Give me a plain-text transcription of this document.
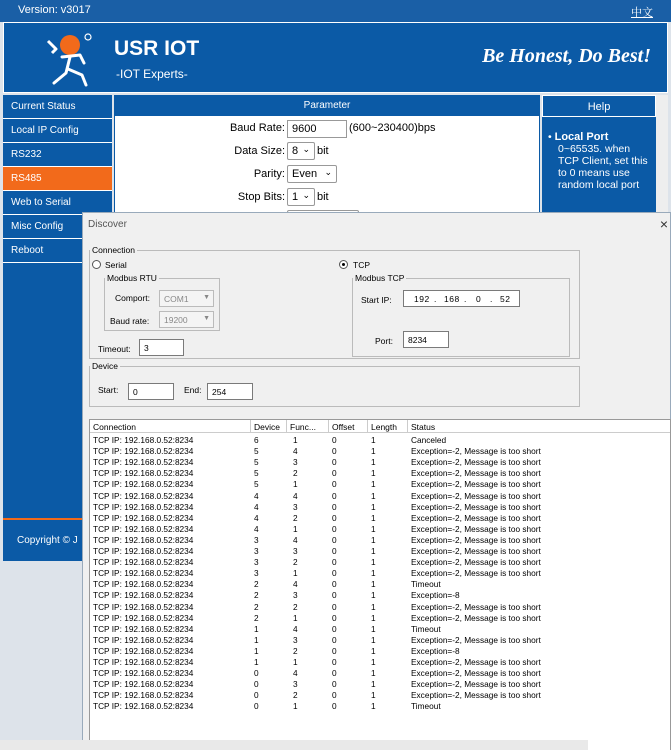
Version: v3017	中文
USR IOT
-IOT Experts-
Be Honest, Do Best!
Current Status
Local IP Config
RS232
RS485
Web to Serial
Misc Config
Reboot
Copyright © J
Parameter
Baud Rate: 9600	(600~230400)bps
Data Size: 8 ⌄ bit
Parity: Even ⌄
Stop Bits: 1 ⌄ bit
Help
• Local Port
0~65535. when TCP Client, set this to 0 means use random local port
Discover	×
Connection
Serial	TCP
Modbus RTU
Comport:	COM1 ▼
Baud rate:	19200 ▼
Timeout:	3
Modbus TCP
Start IP:	192 . 168 . 0 . 52
Port:	8234
Device
Start:	0	End:	254
Connection	Device	Func...	Offset	Length	Status
TCP IP: 192.168.0.52:8234	6	1	0	1	Canceled
TCP IP: 192.168.0.52:8234	5	4	0	1	Exception=-2, Message is too short
TCP IP: 192.168.0.52:8234	5	3	0	1	Exception=-2, Message is too short
TCP IP: 192.168.0.52:8234	5	2	0	1	Exception=-2, Message is too short
TCP IP: 192.168.0.52:8234	5	1	0	1	Exception=-2, Message is too short
TCP IP: 192.168.0.52:8234	4	4	0	1	Exception=-2, Message is too short
TCP IP: 192.168.0.52:8234	4	3	0	1	Exception=-2, Message is too short
TCP IP: 192.168.0.52:8234	4	2	0	1	Exception=-2, Message is too short
TCP IP: 192.168.0.52:8234	4	1	0	1	Exception=-2, Message is too short
TCP IP: 192.168.0.52:8234	3	4	0	1	Exception=-2, Message is too short
TCP IP: 192.168.0.52:8234	3	3	0	1	Exception=-2, Message is too short
TCP IP: 192.168.0.52:8234	3	2	0	1	Exception=-2, Message is too short
TCP IP: 192.168.0.52:8234	3	1	0	1	Exception=-2, Message is too short
TCP IP: 192.168.0.52:8234	2	4	0	1	Timeout
TCP IP: 192.168.0.52:8234	2	3	0	1	Exception=-8
TCP IP: 192.168.0.52:8234	2	2	0	1	Exception=-2, Message is too short
TCP IP: 192.168.0.52:8234	2	1	0	1	Exception=-2, Message is too short
TCP IP: 192.168.0.52:8234	1	4	0	1	Timeout
TCP IP: 192.168.0.52:8234	1	3	0	1	Exception=-2, Message is too short
TCP IP: 192.168.0.52:8234	1	2	0	1	Exception=-8
TCP IP: 192.168.0.52:8234	1	1	0	1	Exception=-2, Message is too short
TCP IP: 192.168.0.52:8234	0	4	0	1	Exception=-2, Message is too short
TCP IP: 192.168.0.52:8234	0	3	0	1	Exception=-2, Message is too short
TCP IP: 192.168.0.52:8234	0	2	0	1	Exception=-2, Message is too short
TCP IP: 192.168.0.52:8234	0	1	0	1	Timeout
